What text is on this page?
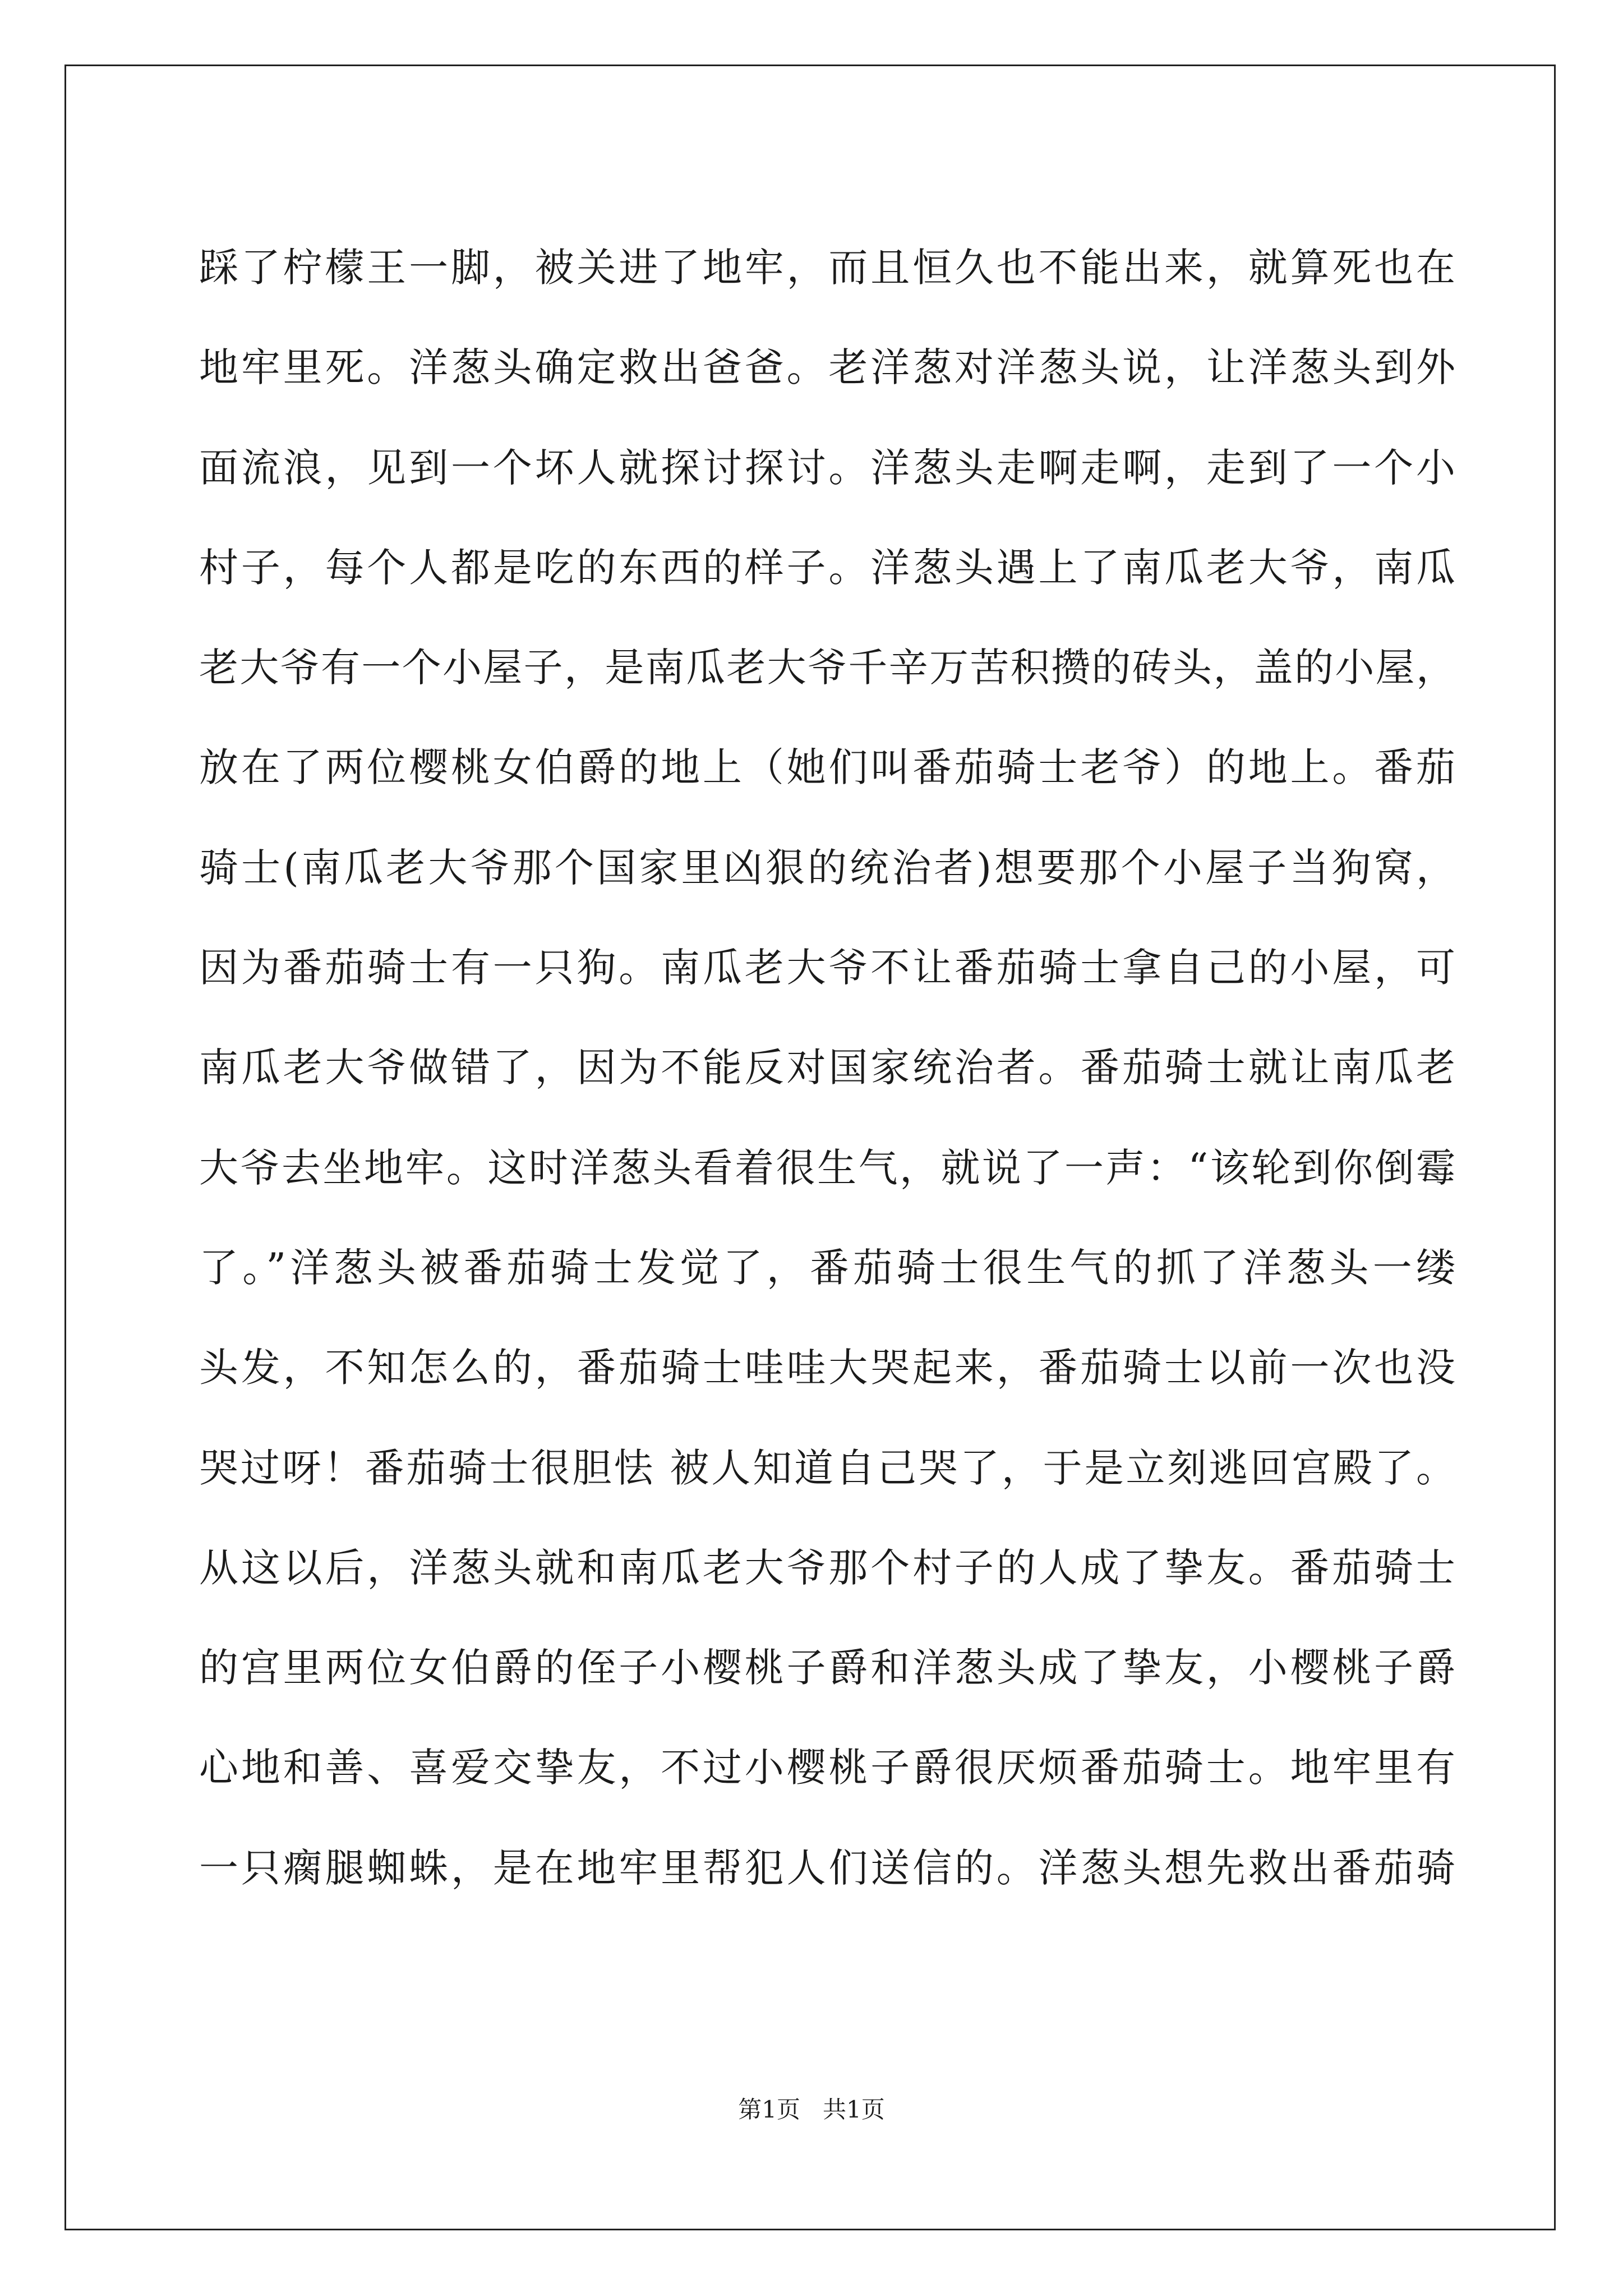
踩了柠檬王一脚，被关进了地牢，而且恒久也不能出来，就算死也在
地牢里死。洋葱头确定救出爸爸。老洋葱对洋葱头说，让洋葱头到外
面流浪，见到一个坏人就探讨探讨。洋葱头走啊走啊，走到了一个小
村子，每个人都是吃的东西的样子。洋葱头遇上了南瓜老大爷，南瓜
老大爷有一个小屋子，是南瓜老大爷千辛万苦积攒的砖头，盖的小屋，
放在了两位樱桃女伯爵的地上（她们叫番茄骑士老爷）的地上。番茄
骑士(南瓜老大爷那个国家里凶狠的统治者)想要那个小屋子当狗窝，
因为番茄骑士有一只狗。南瓜老大爷不让番茄骑士拿自己的小屋，可
南瓜老大爷做错了，因为不能反对国家统治者。番茄骑士就让南瓜老
大爷去坐地牢。这时洋葱头看着很生气，就说了一声：“该轮到你倒霉
了。”洋葱头被番茄骑士发觉了，番茄骑士很生气的抓了洋葱头一缕
头发，不知怎么的，番茄骑士哇哇大哭起来，番茄骑士以前一次也没
哭过呀！番茄骑士很胆怯 被人知道自己哭了，于是立刻逃回宫殿了。
从这以后，洋葱头就和南瓜老大爷那个村子的人成了挚友。番茄骑士
的宫里两位女伯爵的侄子小樱桃子爵和洋葱头成了挚友，小樱桃子爵
心地和善、喜爱交挚友，不过小樱桃子爵很厌烦番茄骑士。地牢里有
一只瘸腿蜘蛛，是在地牢里帮犯人们送信的。洋葱头想先救出番茄骑
第1页   共1页
